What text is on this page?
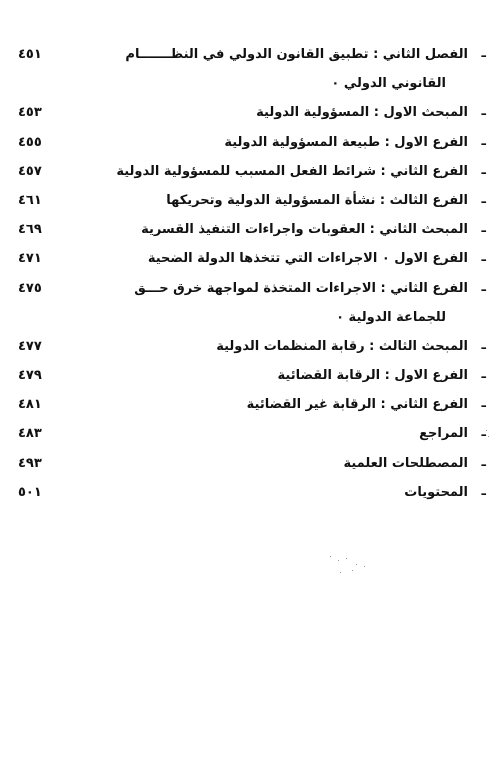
ـ
الفصل الثاني : تطبيق القانون الدولي في النظـــــــام
٤٥١
القانوني الدولي ٠
ـ
المبحث الاول : المسؤولية الدولية
٤٥٣
ـ
الفرع الاول : طبيعة المسؤولية الدولية
٤٥٥
ـ
الفرع الثاني : شرائط الفعل المسبب للمسؤولية الدولية
٤٥٧
ـ
الفرع الثالث : نشأة المسؤولية الدولية وتحريكها
٤٦١
ـ
المبحث الثاني : العقوبات واجراءات التنفيذ القسرية
٤٦٩
ـ
الفرع الاول ٠ الاجراءات التي تتخذها الدولة الضحية
٤٧١
ـ
الفرع الثاني : الاجراءات المتخذة لمواجهة خرق حـــق
٤٧٥
للجماعة الدولية ٠
ـ
المبحث الثالث : رقابة المنظمات الدولية
٤٧٧
ـ
الفرع الاول : الرقابة القضائية
٤٧٩
ـ
الفرع الثاني : الرقابة غير القضائية
٤٨١
ـ
المراجع
٤٨٣
ـ
المصطلحات العلمية
٤٩٣
ـ
المحتويات
٥٠١
